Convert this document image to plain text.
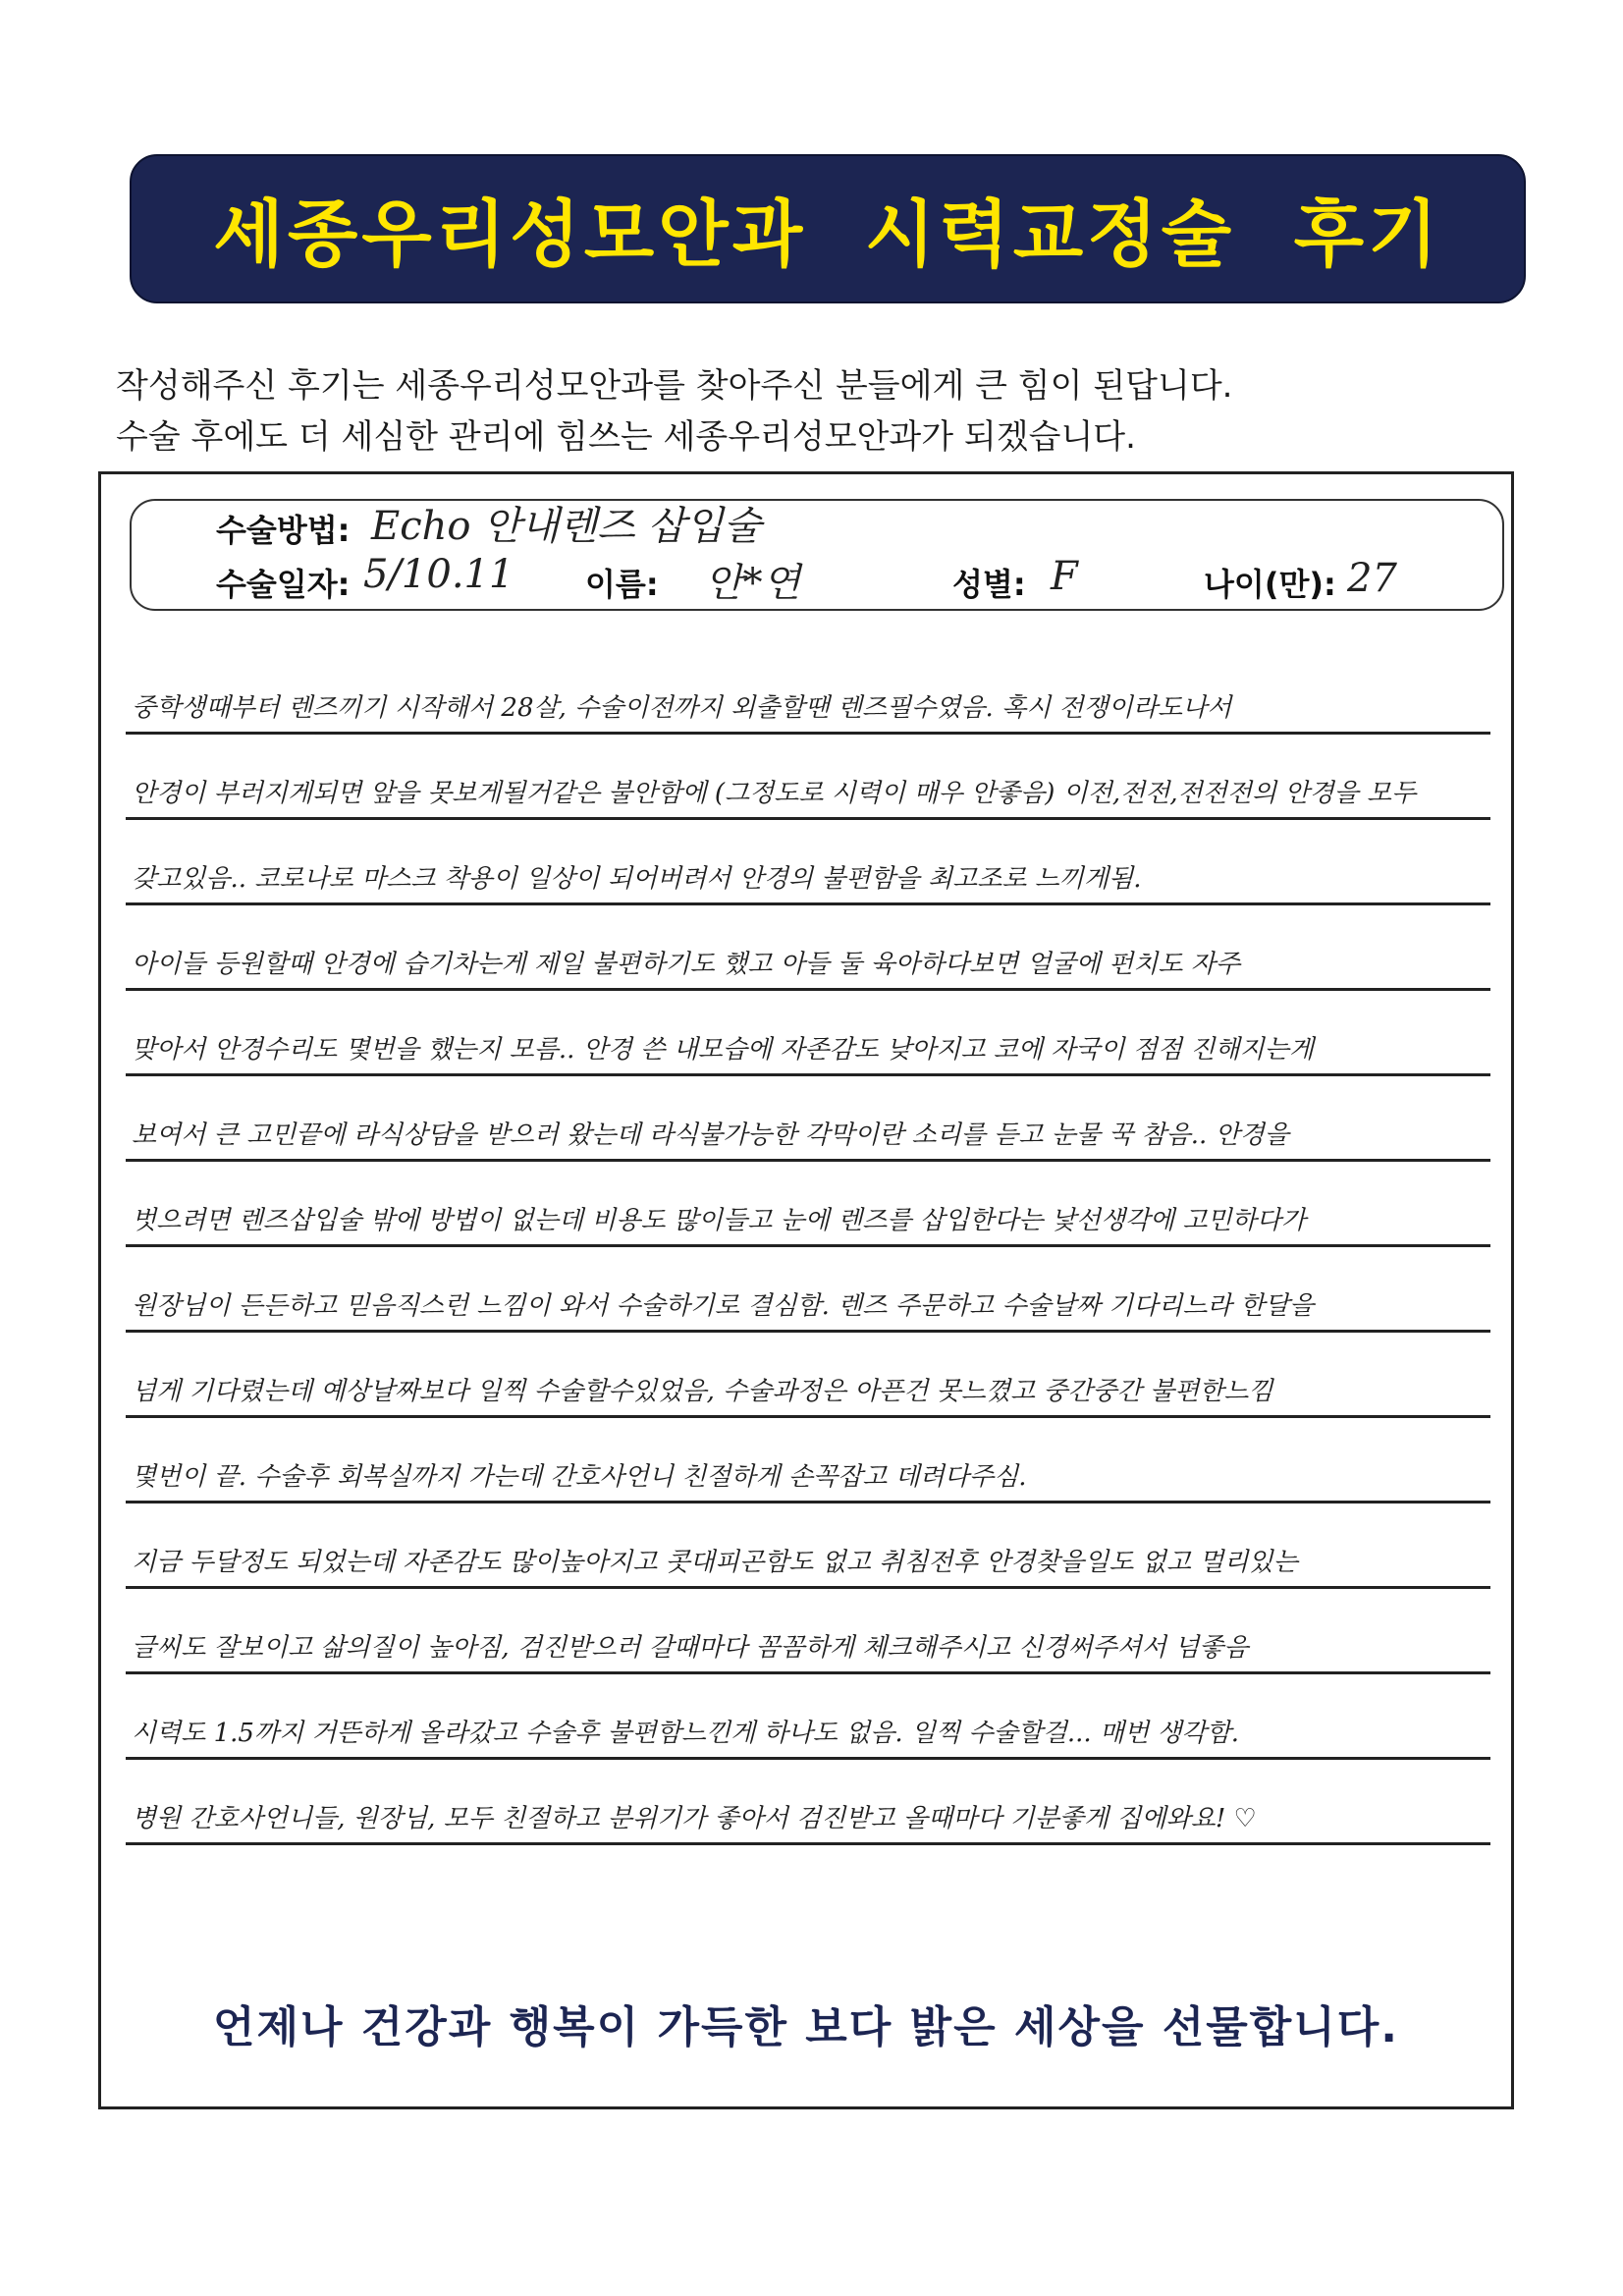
세종우리성모안과  시력교정술  후기
작성해주신 후기는 세종우리성모안과를 찾아주신 분들에게 큰 힘이 된답니다.
수술 후에도 더 세심한 관리에 힘쓰는 세종우리성모안과가 되겠습니다.
수술방법: Echo 안내렌즈 삽입술
수술일자: 5/10.11 이름: 안*연	성별: F	나이(만): 27
중학생때부터 렌즈끼기 시작해서 28살, 수술이전까지 외출할땐 렌즈필수였음. 혹시 전쟁이라도나서
안경이 부러지게되면 앞을 못보게될거같은 불안함에 (그정도로 시력이 매우 안좋음) 이전,전전,전전전의 안경을 모두
갖고있음.. 코로나로 마스크 착용이 일상이 되어버려서 안경의 불편함을 최고조로 느끼게됨.
아이들 등원할때 안경에 습기차는게 제일 불편하기도 했고 아들 둘 육아하다보면 얼굴에 펀치도 자주
맞아서 안경수리도 몇번을 했는지 모름.. 안경 쓴 내모습에 자존감도 낮아지고 코에 자국이 점점 진해지는게
보여서 큰 고민끝에 라식상담을 받으러 왔는데 라식불가능한 각막이란 소리를 듣고 눈물 꾹 참음.. 안경을
벗으려면 렌즈삽입술 밖에 방법이 없는데 비용도 많이들고 눈에 렌즈를 삽입한다는 낯선생각에 고민하다가
원장님이 든든하고 믿음직스런 느낌이 와서 수술하기로 결심함. 렌즈 주문하고 수술날짜 기다리느라 한달을
넘게 기다렸는데 예상날짜보다 일찍 수술할수있었음, 수술과정은 아픈건 못느꼈고 중간중간 불편한느낌
몇번이 끝. 수술후 회복실까지 가는데 간호사언니 친절하게 손꼭잡고 데려다주심.
지금 두달정도 되었는데 자존감도 많이높아지고 콧대피곤함도 없고 취침전후 안경찾을일도 없고 멀리있는
글씨도 잘보이고 삶의질이 높아짐, 검진받으러 갈때마다 꼼꼼하게 체크해주시고 신경써주셔서 넘좋음
시력도 1.5까지 거뜬하게 올라갔고 수술후 불편함느낀게 하나도 없음. 일찍 수술할걸... 매번 생각함.
병원 간호사언니들, 원장님, 모두 친절하고 분위기가 좋아서 검진받고 올때마다 기분좋게 집에와요! ♡
언제나 건강과 행복이 가득한 보다 밝은 세상을 선물합니다.
